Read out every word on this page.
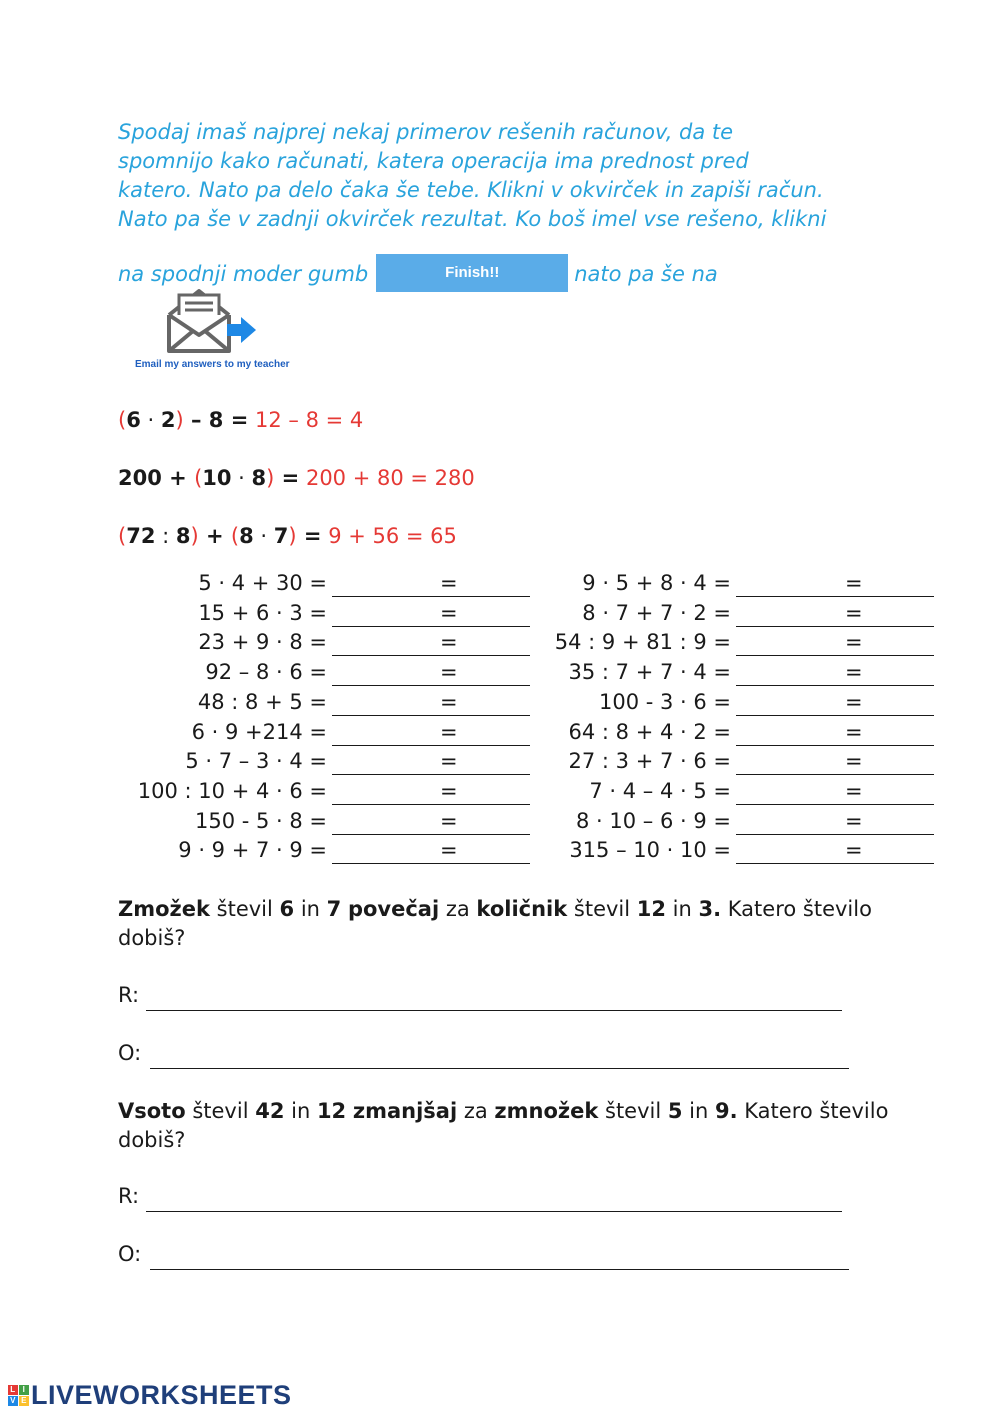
Spodaj imaš najprej nekaj primerov rešenih računov, da te
spomnijo kako računati, katera operacija ima prednost pred
katero. Nato pa delo čaka še tebe. Klikni v okvirček in zapiši račun.
Nato pa še v zadnji okvirček rezultat. Ko boš imel vse rešeno, klikni
na spodnji moder gumb	Finish!!	nato pa še na
Email my answers to my teacher
(6 · 2) – 8 = 12 – 8 = 4
200 + (10 · 8) = 200 + 80 = 280
(72 : 8) + (8 · 7) = 9 + 56 = 65
5 · 4 + 30 =	=
15 + 6 · 3 =	=
23 + 9 · 8 =	=
92 – 8 · 6 =	=
48 : 8 + 5 =	=
6 · 9 +214 =	=
5 · 7 – 3 · 4 =	=
100 : 10 + 4 · 6 =	=
150 - 5 · 8 =	=
9 · 9 + 7 · 9 =	=
9 · 5 + 8 · 4 =	=
8 · 7 + 7 · 2 =	=
54 : 9 + 81 : 9 =	=
35 : 7 + 7 · 4 =	=
100 - 3 · 6 =	=
64 : 8 + 4 · 2 =	=
27 : 3 + 7 · 6 =	=
7 · 4 – 4 · 5 =	=
8 · 10 – 6 · 9 =	=
315 – 10 · 10 =	=
Zmožek števil 6 in 7 povečaj za količnik števil 12 in 3. Katero število dobiš?
R:
O:
Vsoto števil 42 in 12 zmanjšaj za zmnožek števil 5 in 9. Katero število dobiš?
R:
O:
L I
V E LIVEWORKSHEETS
